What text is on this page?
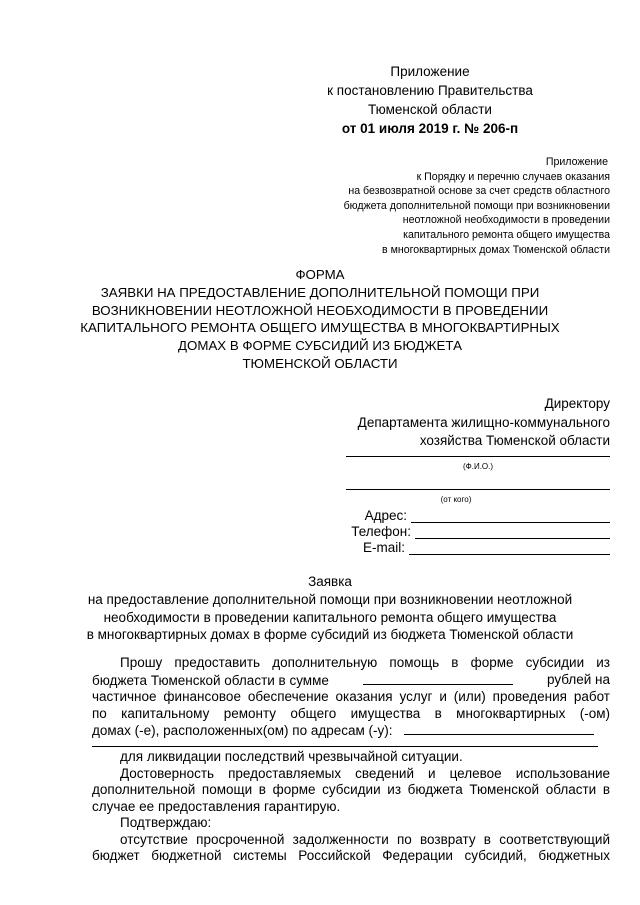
Приложение
к постановлению Правительства
Тюменской области
от 01 июля 2019 г. № 206-п
Приложение
к Порядку и перечню случаев оказания
на безвозвратной основе за счет средств областного
бюджета дополнительной помощи при возникновении
неотложной необходимости в проведении
капитального ремонта общего имущества
в многоквартирных домах Тюменской области
ФОРМА
ЗАЯВКИ НА ПРЕДОСТАВЛЕНИЕ ДОПОЛНИТЕЛЬНОЙ ПОМОЩИ ПРИ
ВОЗНИКНОВЕНИИ НЕОТЛОЖНОЙ НЕОБХОДИМОСТИ В ПРОВЕДЕНИИ
КАПИТАЛЬНОГО РЕМОНТА ОБЩЕГО ИМУЩЕСТВА В МНОГОКВАРТИРНЫХ
ДОМАХ В ФОРМЕ СУБСИДИЙ ИЗ БЮДЖЕТА
ТЮМЕНСКОЙ ОБЛАСТИ
Директору
Департамента жилищно-коммунального
хозяйства Тюменской области
(Ф.И.О.)
(от кого)
Адрес:
Телефон:
E-mail:
Заявка
на предоставление дополнительной помощи при возникновении неотложной
необходимости в проведении капитального ремонта общего имущества
в многоквартирных домах в форме субсидий из бюджета Тюменской области
Прошу предоставить дополнительную помощь в форме субсидии из
бюджета Тюменской области в сумме	рублей на
частичное финансовое обеспечение оказания услуг и (или) проведения работ
по капитальному ремонту общего имущества в многоквартирных (-ом)
домах (-е), расположенных(ом) по адресам (-у):
для ликвидации последствий чрезвычайной ситуации.
Достоверность предоставляемых сведений и целевое использование
дополнительной помощи в форме субсидии из бюджета Тюменской области в
случае ее предоставления гарантирую.
Подтверждаю:
отсутствие просроченной задолженности по возврату в соответствующий
бюджет бюджетной системы Российской Федерации субсидий, бюджетных
